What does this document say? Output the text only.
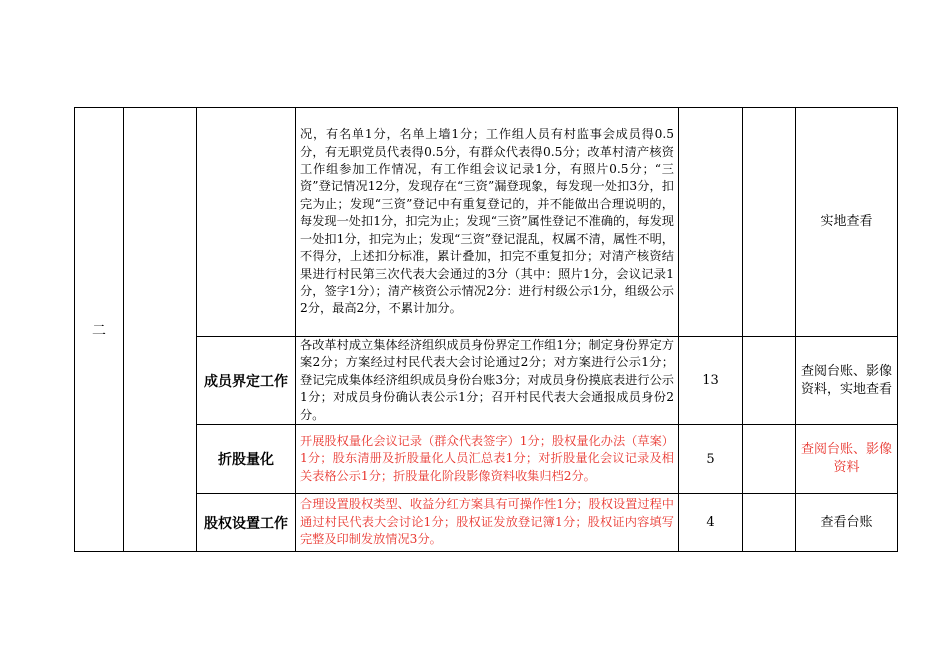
二			况，有名单1分，名单上墙1分；工作组人员有村监事会成员得0.5分，有无职党员代表得0.5分，有群众代表得0.5分；改革村清产核资工作组参加工作情况，有工作组会议记录1分，有照片0.5分；“三资”登记情况12分，发现存在“三资”漏登现象，每发现一处扣3分，扣完为止；发现“三资”登记中有重复登记的，并不能做出合理说明的，每发现一处扣1分，扣完为止；发现“三资”属性登记不准确的，每发现一处扣1分，扣完为止；发现“三资”登记混乱，权属不清，属性不明，不得分，上述扣分标准，累计叠加，扣完不重复扣分；对清产核资结果进行村民第三次代表大会通过的3分（其中：照片1分，会议记录1分，签字1分）；清产核资公示情况2分：进行村级公示1分，组级公示2分，最高2分，不累计加分。			实地查看
		成员界定工作	各改革村成立集体经济组织成员身份界定工作组1分；制定身份界定方案2分；方案经过村民代表大会讨论通过2分；对方案进行公示1分；登记完成集体经济组织成员身份台账3分；对成员身份摸底表进行公示1分；对成员身份确认表公示1分；召开村民代表大会通报成员身份2分。	13		查阅台账、影像资料，实地查看
		折股量化	开展股权量化会议记录（群众代表签字）1分；股权量化办法（草案）1分；股东清册及折股量化人员汇总表1分；对折股量化会议记录及相关表格公示1分；折股量化阶段影像资料收集归档2分。	5		查阅台账、影像资料
		股权设置工作	合理设置股权类型、收益分红方案具有可操作性1分；股权设置过程中通过村民代表大会讨论1分；股权证发放登记簿1分；股权证内容填写完整及印制发放情况3分。	4		查看台账
